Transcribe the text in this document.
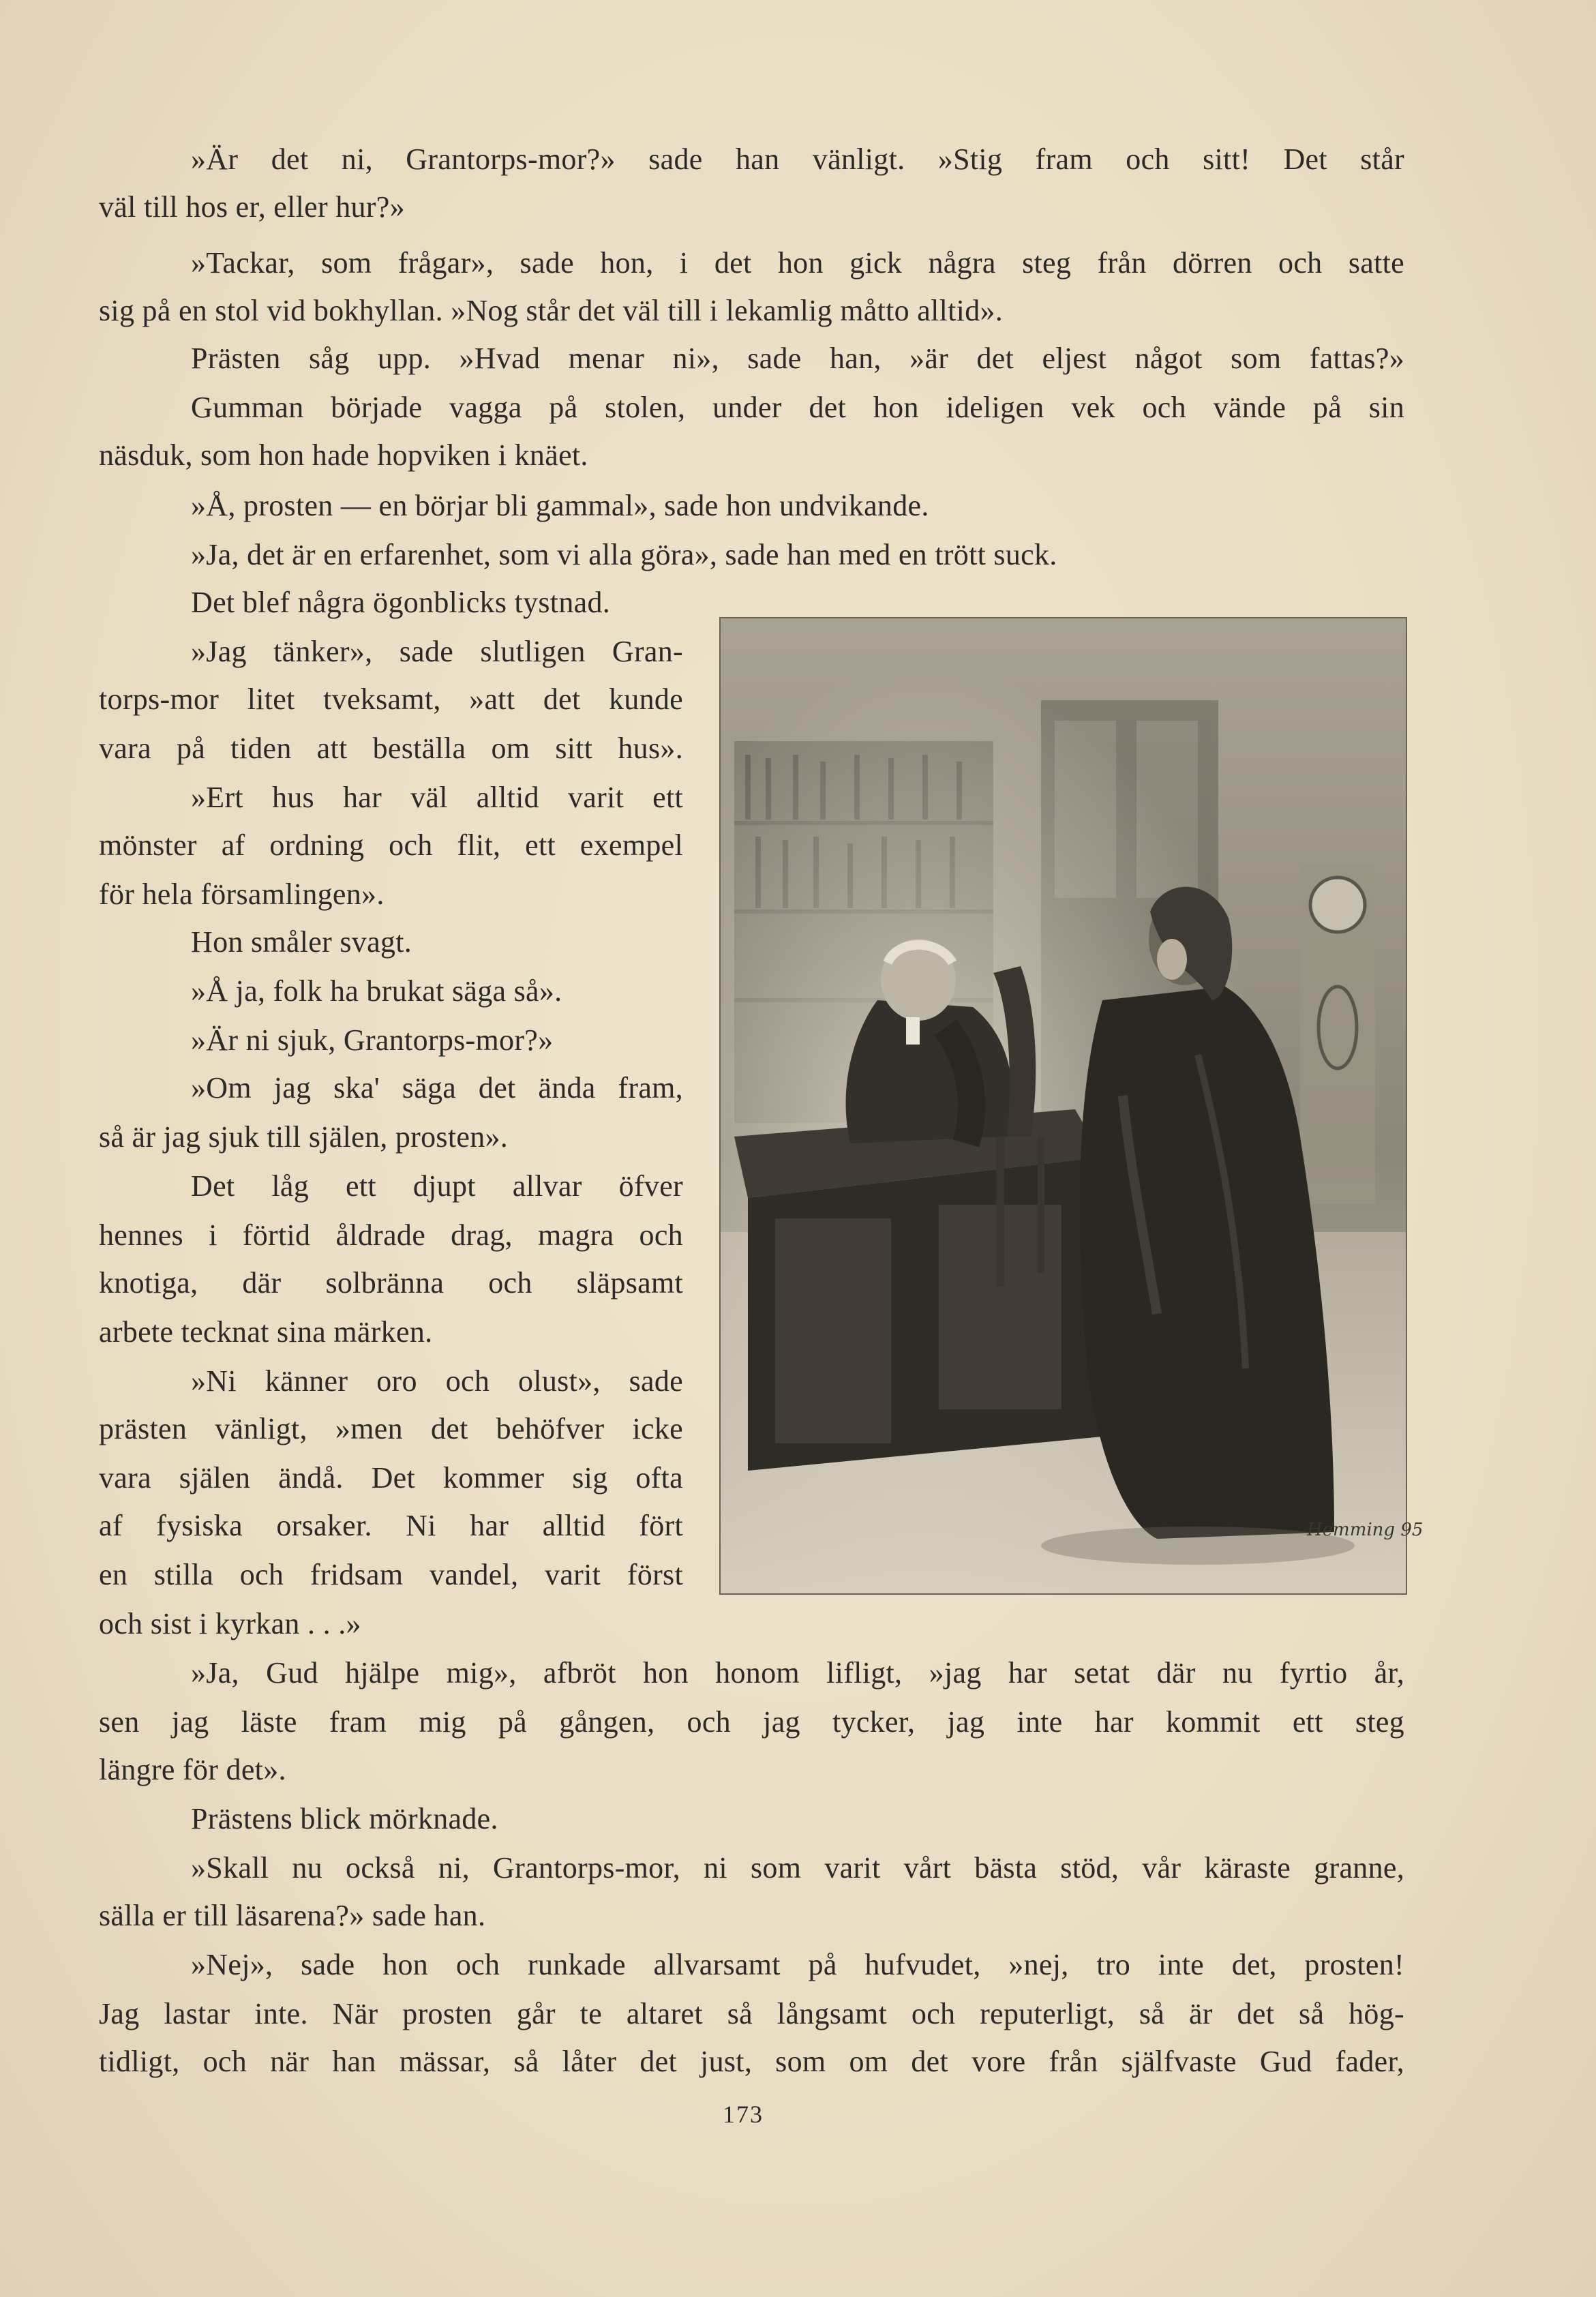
»Är det ni, Grantorps-mor?» sade han vänligt. »Stig fram och sitt! Det står
väl till hos er, eller hur?»
»Tackar, som frågar», sade hon, i det hon gick några steg från dörren och satte
sig på en stol vid bokhyllan. »Nog står det väl till i lekamlig måtto alltid».
Prästen såg upp. »Hvad menar ni», sade han, »är det eljest något som fattas?»
Gumman började vagga på stolen, under det hon ideligen vek och vände på sin
näsduk, som hon hade hopviken i knäet.
»Å, prosten — en börjar bli gammal», sade hon undvikande.
»Ja, det är en erfarenhet, som vi alla göra», sade han med en trött suck.
Det blef några ögonblicks tystnad.
»Jag tänker», sade slutligen Gran-
torps-mor litet tveksamt, »att det kunde
vara på tiden att beställa om sitt hus».
»Ert hus har väl alltid varit ett
mönster af ordning och flit, ett exempel
för hela församlingen».
Hon småler svagt.
»Å ja, folk ha brukat säga så».
»Är ni sjuk, Grantorps-mor?»
»Om jag ska' säga det ända fram,
så är jag sjuk till själen, prosten».
Det låg ett djupt allvar öfver
hennes i förtid åldrade drag, magra och
knotiga, där solbränna och släpsamt
arbete tecknat sina märken.
»Ni känner oro och olust», sade
prästen vänligt, »men det behöfver icke
vara själen ändå. Det kommer sig ofta
af fysiska orsaker. Ni har alltid fört
en stilla och fridsam vandel, varit först
och sist i kyrkan . . .»
»Ja, Gud hjälpe mig», afbröt hon honom lifligt, »jag har setat där nu fyrtio år,
sen jag läste fram mig på gången, och jag tycker, jag inte har kommit ett steg
längre för det».
Prästens blick mörknade.
»Skall nu också ni, Grantorps-mor, ni som varit vårt bästa stöd, vår käraste granne,
sälla er till läsarena?» sade han.
»Nej», sade hon och runkade allvarsamt på hufvudet, »nej, tro inte det, prosten!
Jag lastar inte. När prosten går te altaret så långsamt och reputerligt, så är det så hög-
tidligt, och när han mässar, så låter det just, som om det vore från själfvaste Gud fader,
Hemming 95
173
